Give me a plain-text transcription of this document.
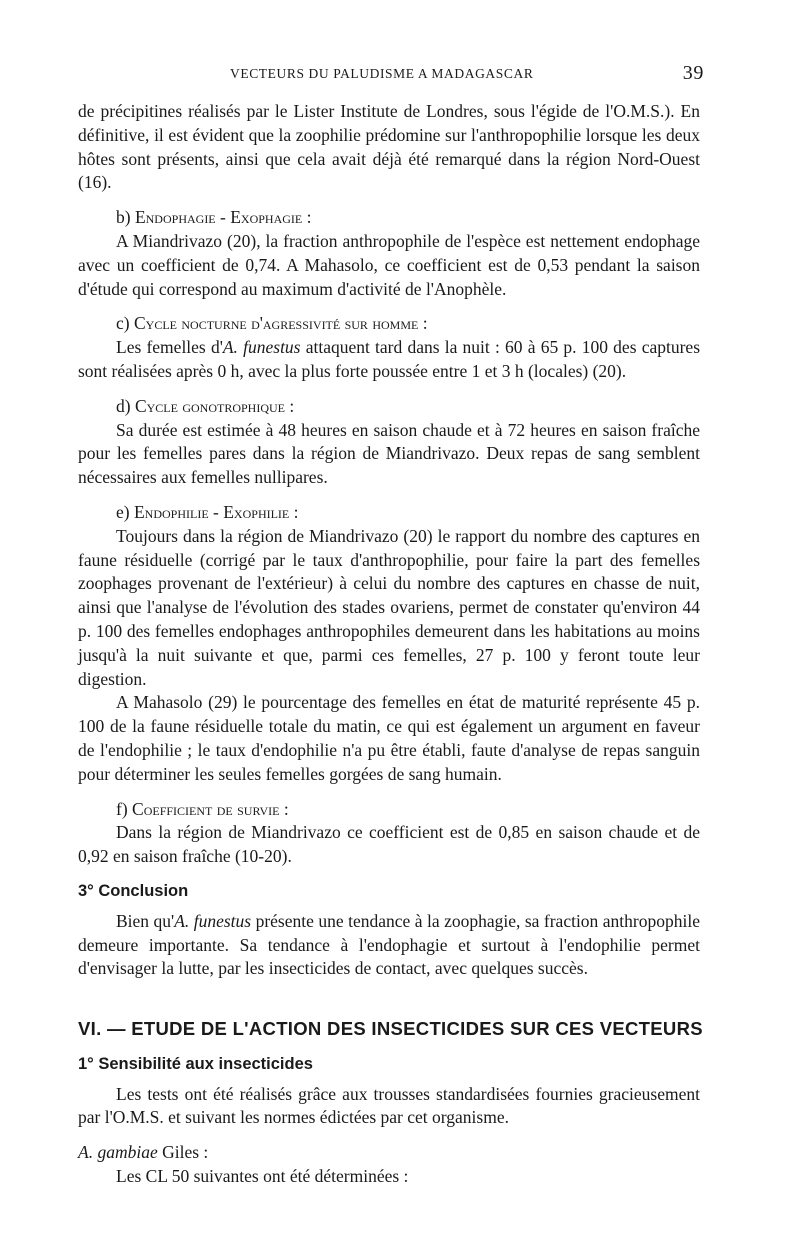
VECTEURS DU PALUDISME A MADAGASCAR	39

de précipitines réalisés par le Lister Institute de Londres, sous l'égide de l'O.M.S.). En définitive, il est évident que la zoophilie prédomine sur l'anthropophilie lorsque les deux hôtes sont présents, ainsi que cela avait déjà été remarqué dans la région Nord-Ouest (16).

b) Endophagie - Exophagie :

A Miandrivazo (20), la fraction anthropophile de l'espèce est nettement endophage avec un coefficient de 0,74. A Mahasolo, ce coefficient est de 0,53 pendant la saison d'étude qui correspond au maximum d'activité de l'Anophèle.

c) Cycle nocturne d'agressivité sur homme :

Les femelles d'A. funestus attaquent tard dans la nuit : 60 à 65 p. 100 des captures sont réalisées après 0 h, avec la plus forte poussée entre 1 et 3 h (locales) (20).

d) Cycle gonotrophique :

Sa durée est estimée à 48 heures en saison chaude et à 72 heures en saison fraîche pour les femelles pares dans la région de Miandrivazo. Deux repas de sang semblent nécessaires aux femelles nullipares.

e) Endophilie - Exophilie :

Toujours dans la région de Miandrivazo (20) le rapport du nombre des captures en faune résiduelle (corrigé par le taux d'anthropophilie, pour faire la part des femelles zoophages provenant de l'extérieur) à celui du nombre des captures en chasse de nuit, ainsi que l'analyse de l'évolution des stades ovariens, permet de constater qu'environ 44 p. 100 des femelles endophages anthropophiles demeurent dans les habitations au moins jusqu'à la nuit suivante et que, parmi ces femelles, 27 p. 100 y feront toute leur digestion.

A Mahasolo (29) le pourcentage des femelles en état de maturité représente 45 p. 100 de la faune résiduelle totale du matin, ce qui est également un argument en faveur de l'endophilie ; le taux d'endophilie n'a pu être établi, faute d'analyse de repas sanguin pour déterminer les seules femelles gorgées de sang humain.

f) Coefficient de survie :

Dans la région de Miandrivazo ce coefficient est de 0,85 en saison chaude et de 0,92 en saison fraîche (10-20).

3° Conclusion

Bien qu'A. funestus présente une tendance à la zoophagie, sa fraction anthropophile demeure importante. Sa tendance à l'endophagie et surtout à l'endophilie permet d'envisager la lutte, par les insecticides de contact, avec quelques succès.

VI. — ETUDE DE L'ACTION DES INSECTICIDES SUR CES VECTEURS

1° Sensibilité aux insecticides

Les tests ont été réalisés grâce aux trousses standardisées fournies gracieusement par l'O.M.S. et suivant les normes édictées par cet organisme.

A. gambiae Giles :

Les CL 50 suivantes ont été déterminées :
